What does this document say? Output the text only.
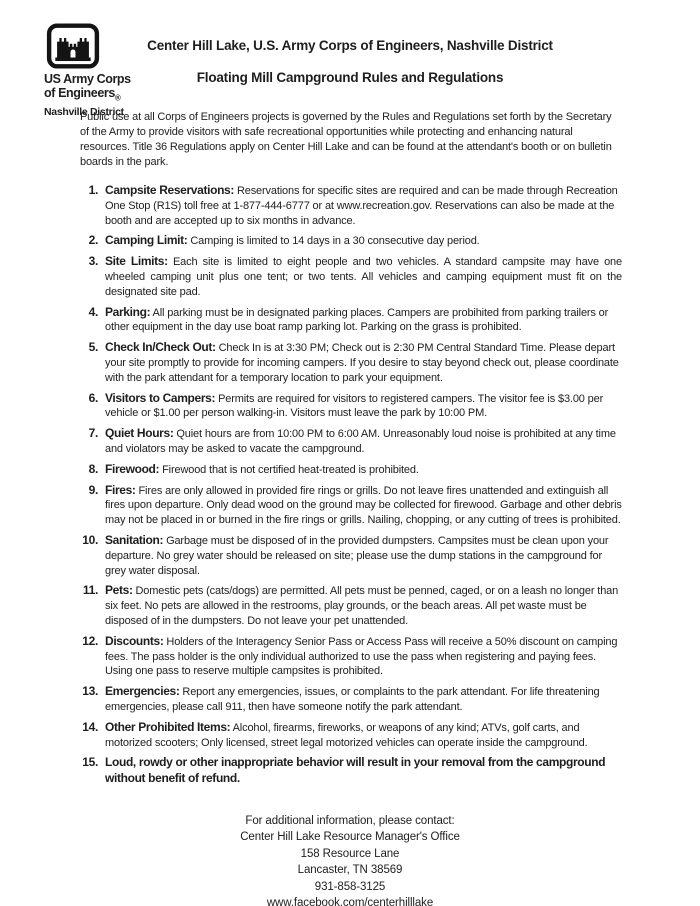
US Army Corps
of Engineers$_®$
Nashville District
Center Hill Lake, U.S. Army Corps of Engineers, Nashville District
Floating Mill Campground Rules and Regulations

Public use at all Corps of Engineers projects is governed by the Rules and Regulations set forth by the Secretary of the Army to provide visitors with safe recreational opportunities while protecting and enhancing natural resources. Title 36 Regulations apply on Center Hill Lake and can be found at the attendant's booth or on bulletin boards in the park.

1. Campsite Reservations: Reservations for specific sites are required and can be made through Recreation One Stop (R1S) toll free at 1-877-444-6777 or at www.recreation.gov. Reservations can also be made at the booth and are accepted up to six months in advance.
2. Camping Limit: Camping is limited to 14 days in a 30 consecutive day period.
3. Site Limits: Each site is limited to eight people and two vehicles. A standard campsite may have one wheeled camping unit plus one tent; or two tents. All vehicles and camping equipment must fit on the designated site pad.
4. Parking: All parking must be in designated parking places. Campers are probihited from parking trailers or other equipment in the day use boat ramp parking lot. Parking on the grass is prohibited.
5. Check In/Check Out: Check In is at 3:30 PM; Check out is 2:30 PM Central Standard Time. Please depart your site promptly to provide for incoming campers. If you desire to stay beyond check out, please coordinate with the park attendant for a temporary location to park your equipment.
6. Visitors to Campers: Permits are required for visitors to registered campers. The visitor fee is $3.00 per vehicle or $1.00 per person walking-in. Visitors must leave the park by 10:00 PM.
7. Quiet Hours: Quiet hours are from 10:00 PM to 6:00 AM. Unreasonably loud noise is prohibited at any time and violators may be asked to vacate the campground.
8. Firewood: Firewood that is not certified heat-treated is prohibited.
9. Fires: Fires are only allowed in provided fire rings or grills. Do not leave fires unattended and extinguish all fires upon departure. Only dead wood on the ground may be collected for firewood. Garbage and other debris may not be placed in or burned in the fire rings or grills. Nailing, chopping, or any cutting of trees is prohibited.
10. Sanitation: Garbage must be disposed of in the provided dumpsters. Campsites must be clean upon your departure. No grey water should be released on site; please use the dump stations in the campground for grey water disposal.
11. Pets: Domestic pets (cats/dogs) are permitted. All pets must be penned, caged, or on a leash no longer than six feet. No pets are allowed in the restrooms, play grounds, or the beach areas. All pet waste must be disposed of in the dumpsters. Do not leave your pet unattended.
12. Discounts: Holders of the Interagency Senior Pass or Access Pass will receive a 50% discount on camping fees. The pass holder is the only individual authorized to use the pass when registering and paying fees. Using one pass to reserve multiple campsites is prohibited.
13. Emergencies: Report any emergencies, issues, or complaints to the park attendant. For life threatening emergencies, please call 911, then have someone notify the park attendant.
14. Other Prohibited Items: Alcohol, firearms, fireworks, or weapons of any kind; ATVs, golf carts, and motorized scooters; Only licensed, street legal motorized vehicles can operate inside the campground.
15. Loud, rowdy or other inappropriate behavior will result in your removal from the campground without benefit of refund.
For additional information, please contact:
Center Hill Lake Resource Manager's Office
158 Resource Lane
Lancaster, TN 38569
931-858-3125
www.facebook.com/centerhilllake
